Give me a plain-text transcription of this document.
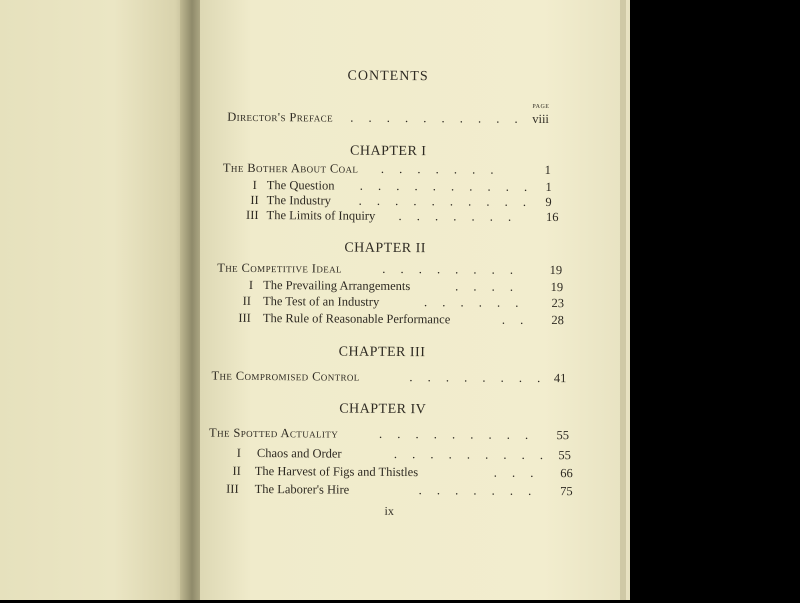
CONTENTS
PAGE
Director's Preface . . . . . . . . . . viii
CHAPTER I
The Bother About Coal . . . . . . .	1
I The Question . . . . . . . . . . 1
II The Industry . . . . . . . . . .	9
III The Limits of Inquiry . . . . . . .	16
CHAPTER II
The Competitive Ideal	. . . . . . . .	19
I The Prevailing Arrangements	. . . .	19
II The Test of an Industry	. . . . . .	23
III The Rule of Reasonable Performance	. .	28
CHAPTER III
The Compromised Control	. . . . . . . . 41
CHAPTER IV
The Spotted Actuality	. . . . . . . . .	55
I Chaos and Order	. . . . . . . . . 55
II The Harvest of Figs and Thistles	. . .	66
III The Laborer's Hire	. . . . . . .	75
ix
